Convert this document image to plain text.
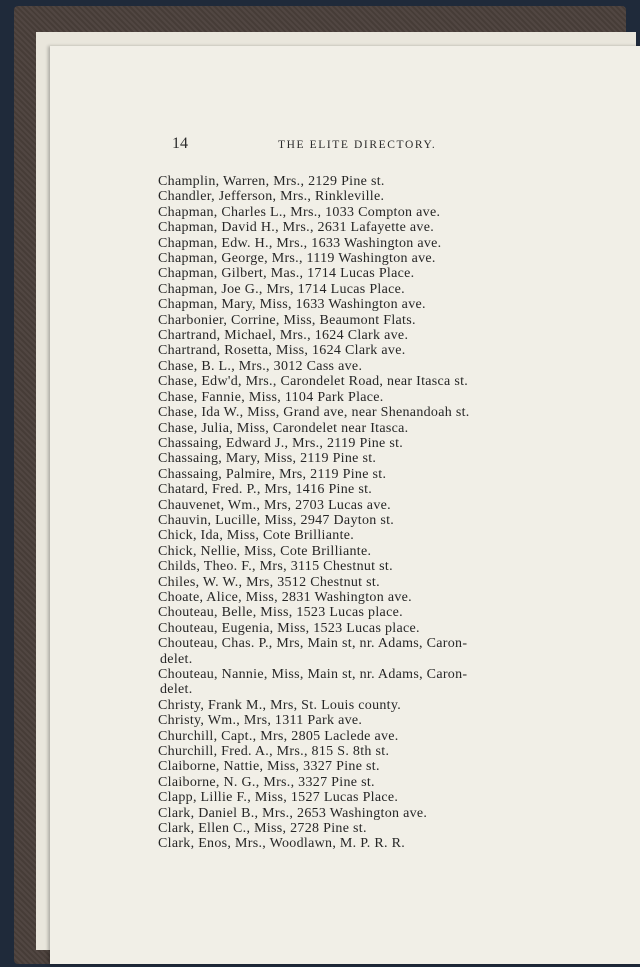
14	THE ELITE DIRECTORY.
Champlin, Warren, Mrs., 2129 Pine st.
Chandler, Jefferson, Mrs., Rinkleville.
Chapman, Charles L., Mrs., 1033 Compton ave.
Chapman, David H., Mrs., 2631 Lafayette ave.
Chapman, Edw. H., Mrs., 1633 Washington ave.
Chapman, George, Mrs., 1119 Washington ave.
Chapman, Gilbert, Mas., 1714 Lucas Place.
Chapman, Joe G., Mrs, 1714 Lucas Place.
Chapman, Mary, Miss, 1633 Washington ave.
Charbonier, Corrine, Miss, Beaumont Flats.
Chartrand, Michael, Mrs., 1624 Clark ave.
Chartrand, Rosetta, Miss, 1624 Clark ave.
Chase, B. L., Mrs., 3012 Cass ave.
Chase, Edw'd, Mrs., Carondelet Road, near Itasca st.
Chase, Fannie, Miss, 1104 Park Place.
Chase, Ida W., Miss, Grand ave, near Shenandoah st.
Chase, Julia, Miss, Carondelet near Itasca.
Chassaing, Edward J., Mrs., 2119 Pine st.
Chassaing, Mary, Miss, 2119 Pine st.
Chassaing, Palmire, Mrs, 2119 Pine st.
Chatard, Fred. P., Mrs, 1416 Pine st.
Chauvenet, Wm., Mrs, 2703 Lucas ave.
Chauvin, Lucille, Miss, 2947 Dayton st.
Chick, Ida, Miss, Cote Brilliante.
Chick, Nellie, Miss, Cote Brilliante.
Childs, Theo. F., Mrs, 3115 Chestnut st.
Chiles, W. W., Mrs, 3512 Chestnut st.
Choate, Alice, Miss, 2831 Washington ave.
Chouteau, Belle, Miss, 1523 Lucas place.
Chouteau, Eugenia, Miss, 1523 Lucas place.
Chouteau, Chas. P., Mrs, Main st, nr. Adams, Caron-
delet.
Chouteau, Nannie, Miss, Main st, nr. Adams, Caron-
delet.
Christy, Frank M., Mrs, St. Louis county.
Christy, Wm., Mrs, 1311 Park ave.
Churchill, Capt., Mrs, 2805 Laclede ave.
Churchill, Fred. A., Mrs., 815 S. 8th st.
Claiborne, Nattie, Miss, 3327 Pine st.
Claiborne, N. G., Mrs., 3327 Pine st.
Clapp, Lillie F., Miss, 1527 Lucas Place.
Clark, Daniel B., Mrs., 2653 Washington ave.
Clark, Ellen C., Miss, 2728 Pine st.
Clark, Enos, Mrs., Woodlawn, M. P. R. R.
